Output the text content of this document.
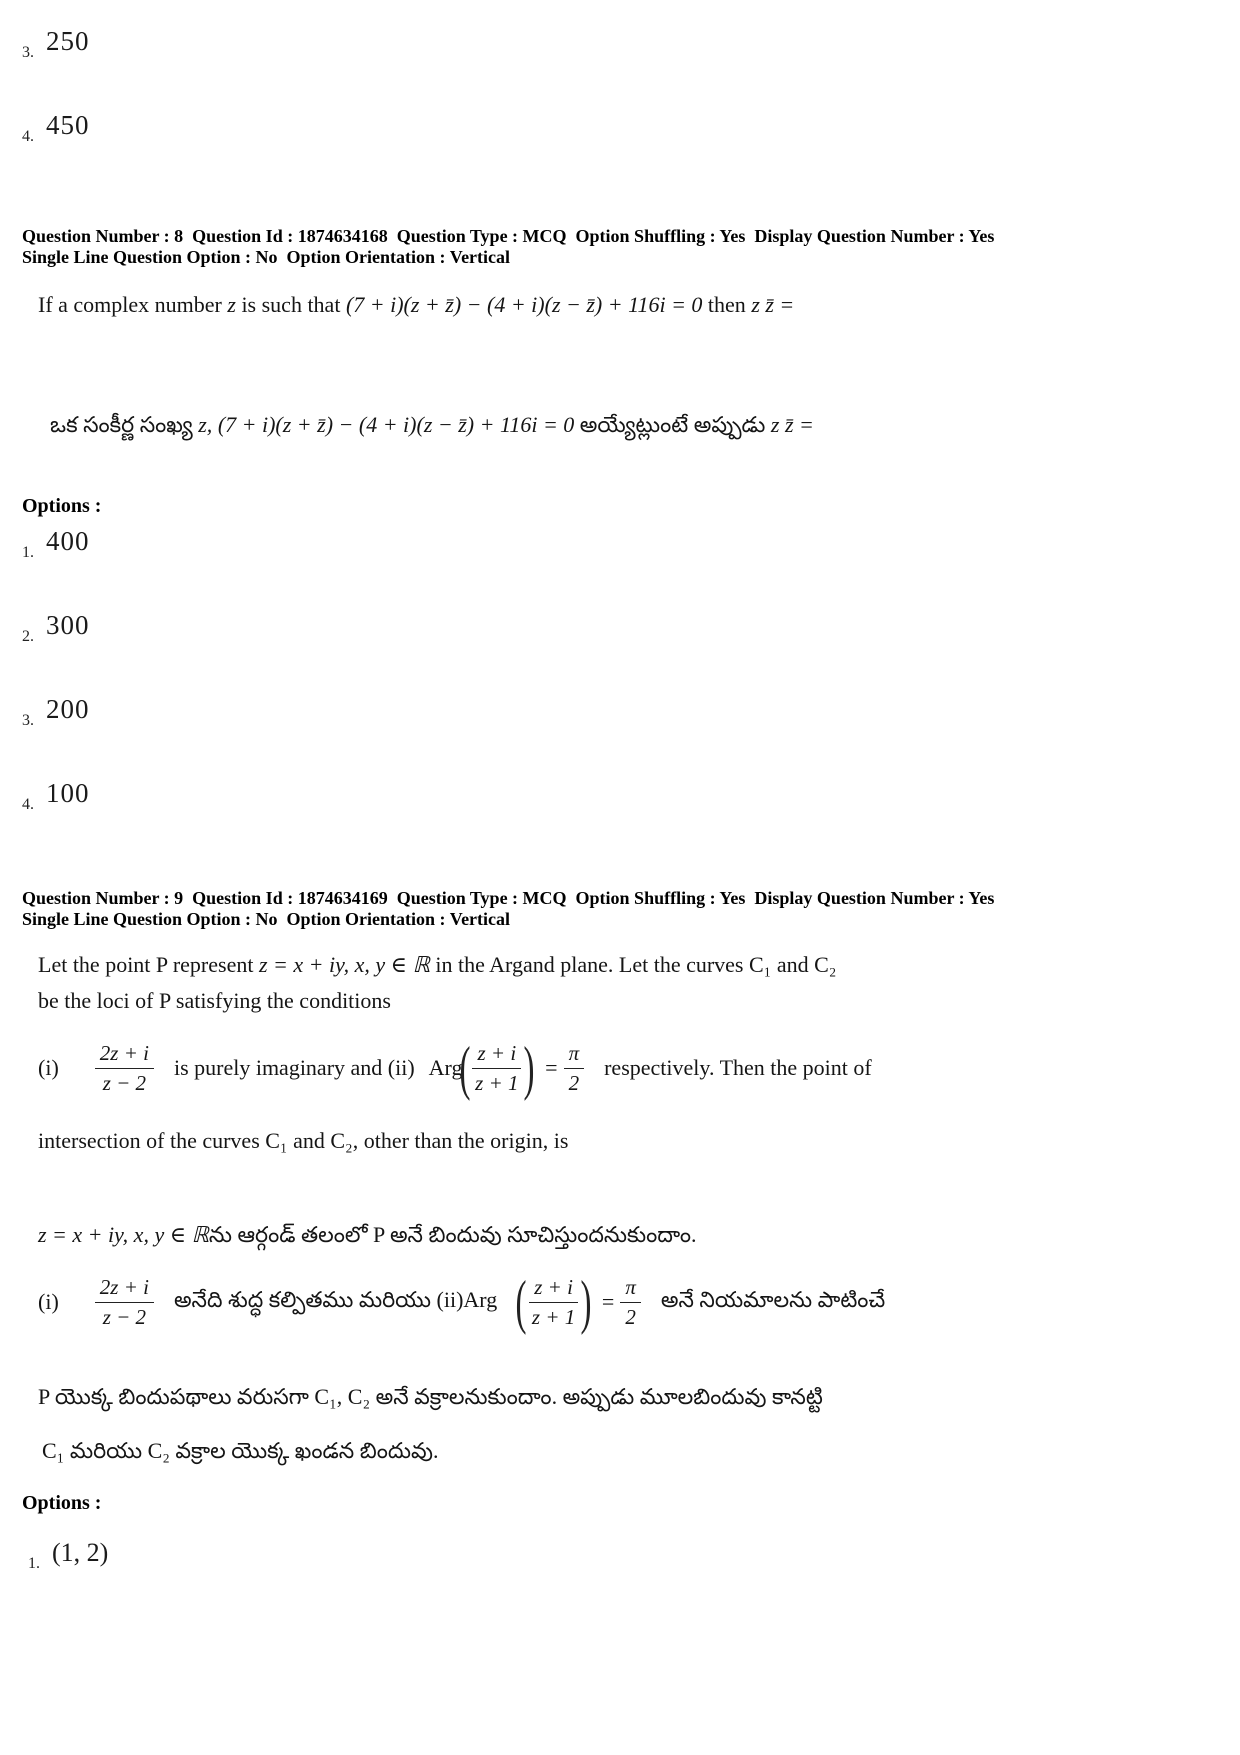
3. 250
4. 450
Question Number : 8  Question Id : 1874634168  Question Type : MCQ  Option Shuffling : Yes  Display Question Number : Yes
Single Line Question Option : No  Option Orientation : Vertical
If a complex number z is such that (7 + i)(z + z̄) − (4 + i)(z − z̄) + 116i = 0 then z z̄ =
ఒక సంకీర్ణ సంఖ్య z, (7 + i)(z + z̄) − (4 + i)(z − z̄) + 116i = 0 అయ్యేట్లుంటే అప్పుడు z z̄ =
Options :
1. 400
2. 300
3. 200
4. 100
Question Number : 9  Question Id : 1874634169  Question Type : MCQ  Option Shuffling : Yes  Display Question Number : Yes
Single Line Question Option : No  Option Orientation : Vertical
Let the point P represent z = x + iy, x, y ∈ ℝ in the Argand plane. Let the curves C₁ and C₂
be the loci of P satisfying the conditions
$(i) \frac{2z + i}{z - 2}$ is purely imaginary and (ii) Arg
( $\frac{z + i}{z + 1}$ ) = $\frac{\pi}{2}$ respectively. Then the point of
intersection of the curves C₁ and C₂, other than the origin, is
z = x + iy, x, y ∈ ℝను ఆర్గండ్ తలంలో P అనే బిందువు సూచిస్తుందనుకుందాం.
$(i) \frac{2z + i}{z - 2}$ అనేది శుద్ధ కల్పితము మరియు (ii)Arg ( $\frac{z + i}{z + 1}$ ) = $\frac{\pi}{2}$ అనే నియమాలను పాటించే
P యొక్క బిందుపథాలు వరుసగా C₁, C₂ అనే వక్రాలనుకుందాం. అప్పుడు మూలబిందువు కానట్టి
C₁ మరియు C₂ వక్రాల యొక్క ఖండన బిందువు.
Options :
1. (1, 2)
